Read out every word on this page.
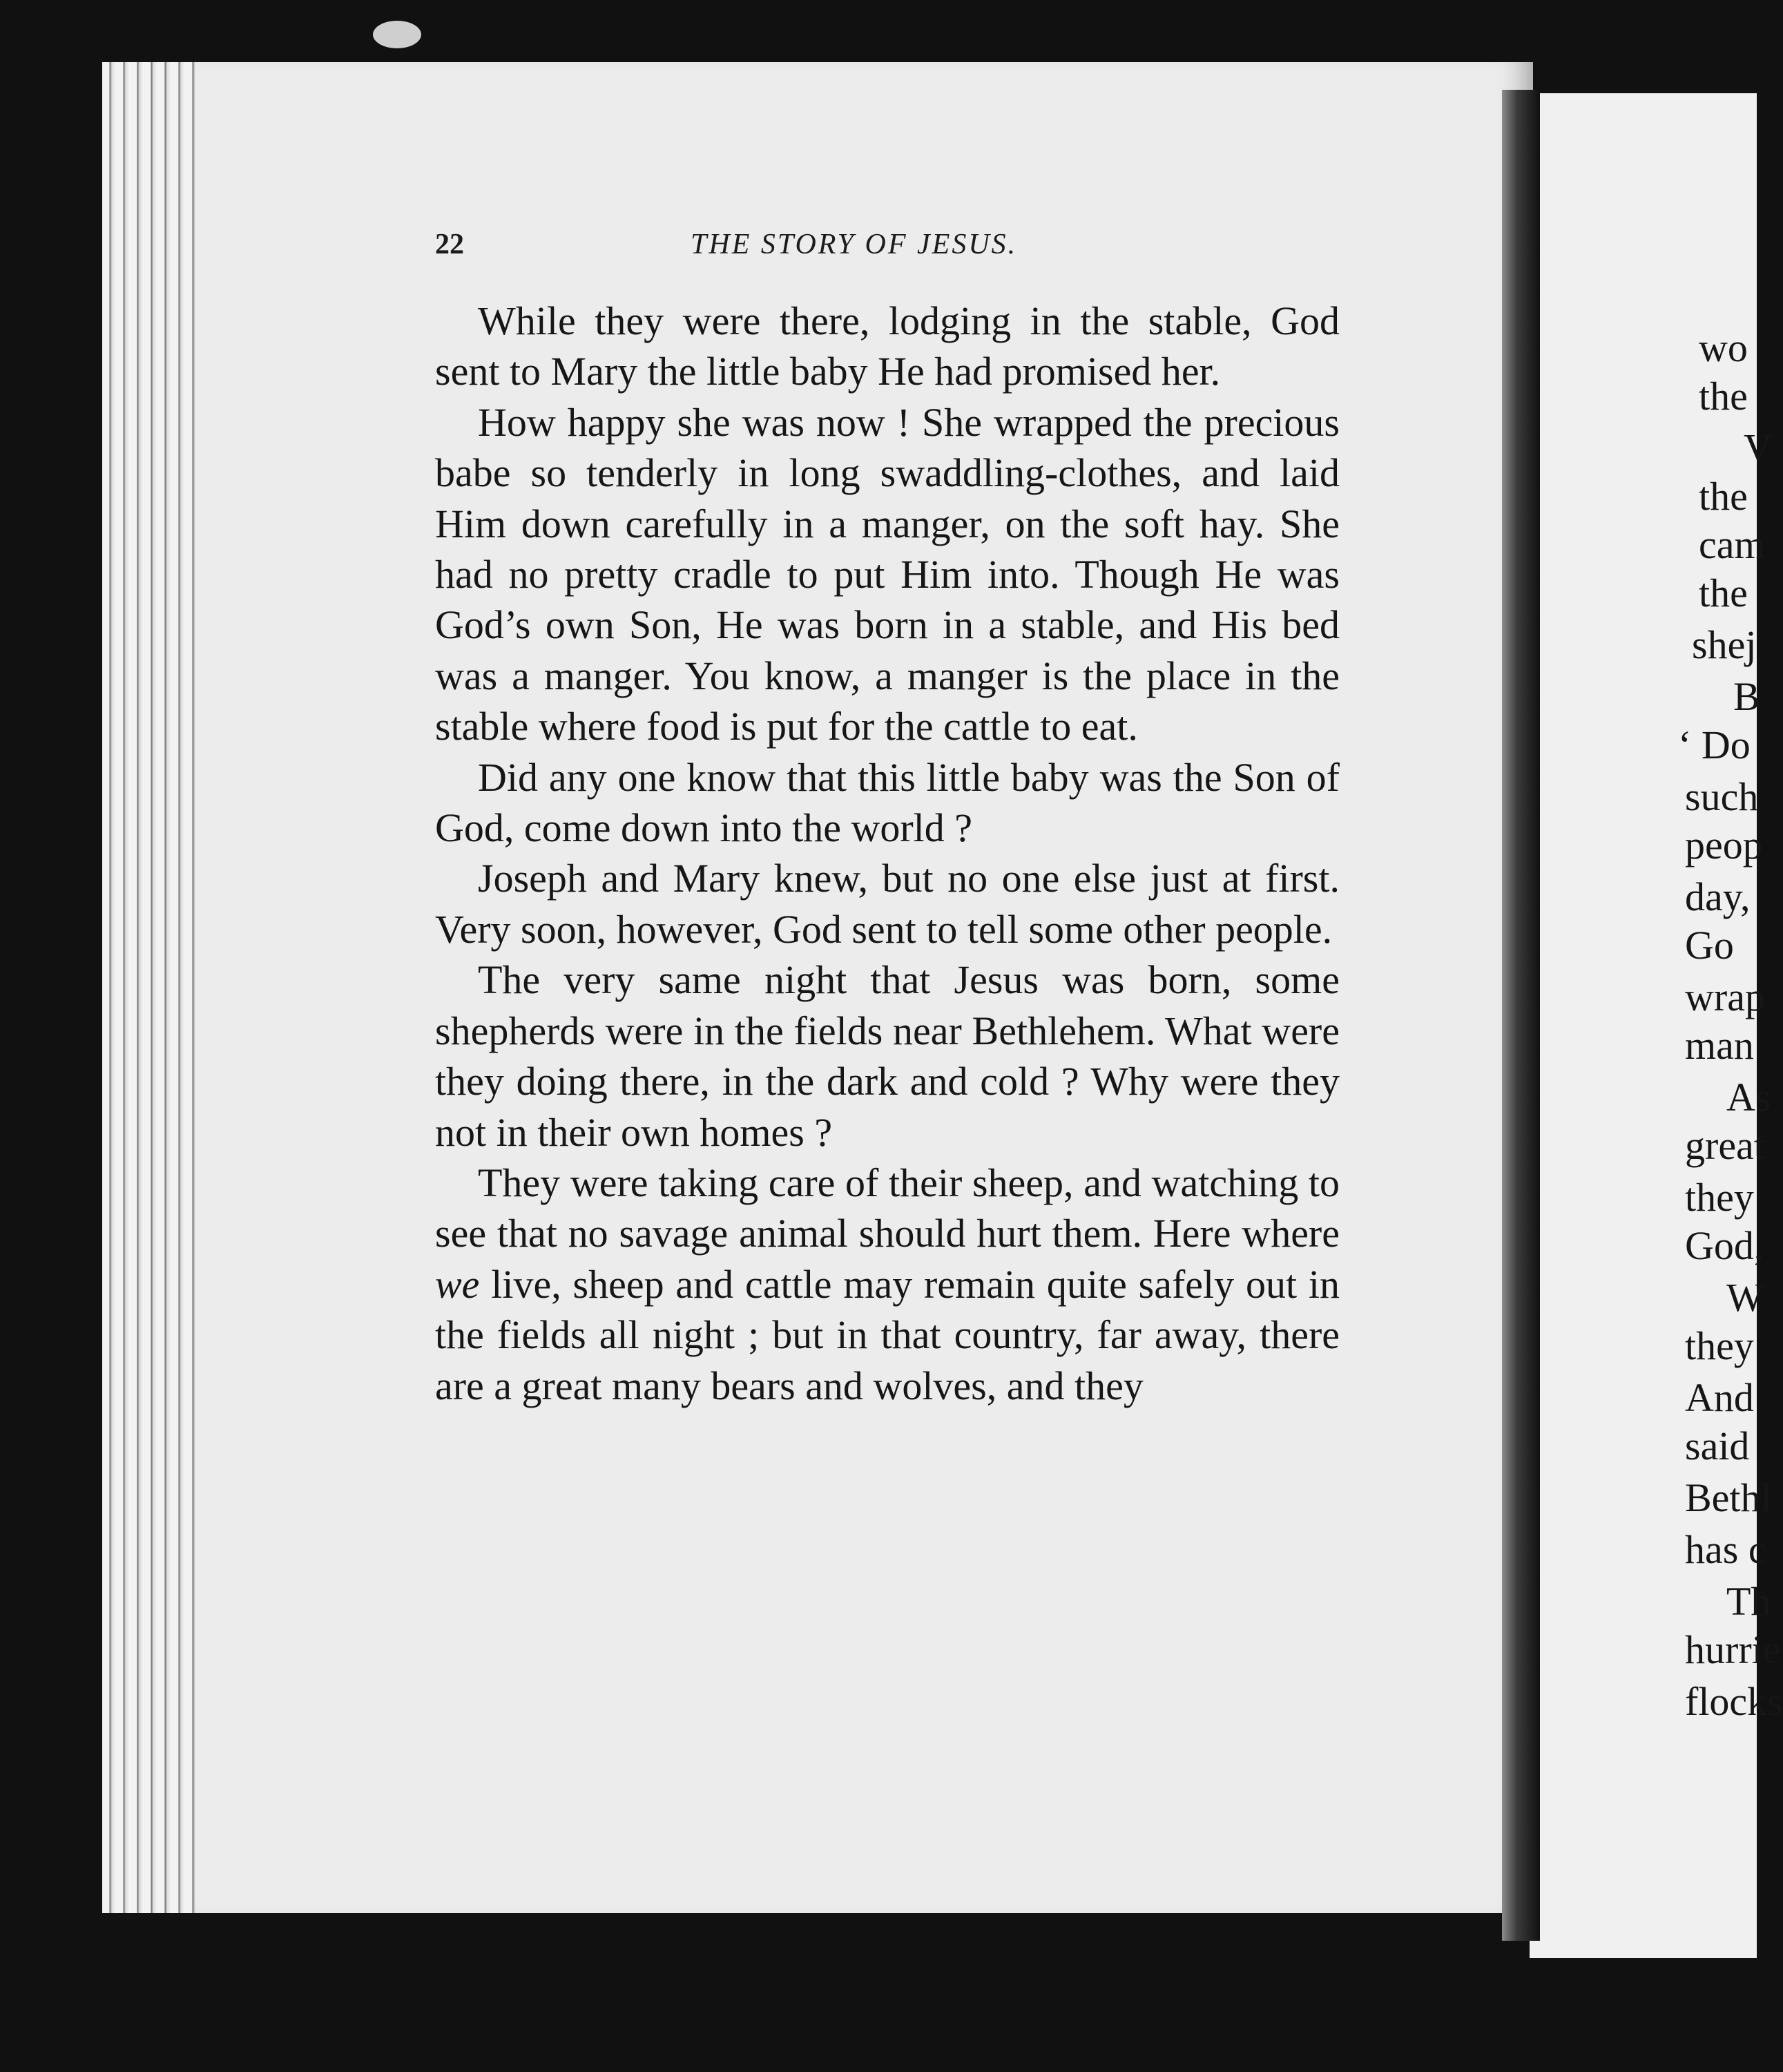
22	THE STORY OF JESUS.

While they were there, lodging in the stable, God sent to Mary the little baby He had promised her.

How happy she was now ! She wrapped the precious babe so tenderly in long swaddling-clothes, and laid Him down carefully in a manger, on the soft hay. She had no pretty cradle to put Him into. Though He was God’s own Son, He was born in a stable, and His bed was a manger. You know, a manger is the place in the stable where food is put for the cattle to eat.

Did any one know that this little baby was the Son of God, come down into the world ?

Joseph and Mary knew, but no one else just at first. Very soon, however, God sent to tell some other people.

The very same night that Jesus was born, some shepherds were in the fields near Bethlehem. What were they doing there, in the dark and cold ? Why were they not in their own homes ?

They were taking care of their sheep, and watching to see that no savage animal should hurt them. Here where we live, sheep and cattle may remain quite safely out in the fields all night ; but in that country, far away, there are a great many bears and wolves, and they

wo
the
V
the
cam
the
shej
B
‘ Do
such
peop
day,
Go
wrap
man
As
great
they
God,
W
they
And
said
Bethl
has c
Th
hurrie
flocks
